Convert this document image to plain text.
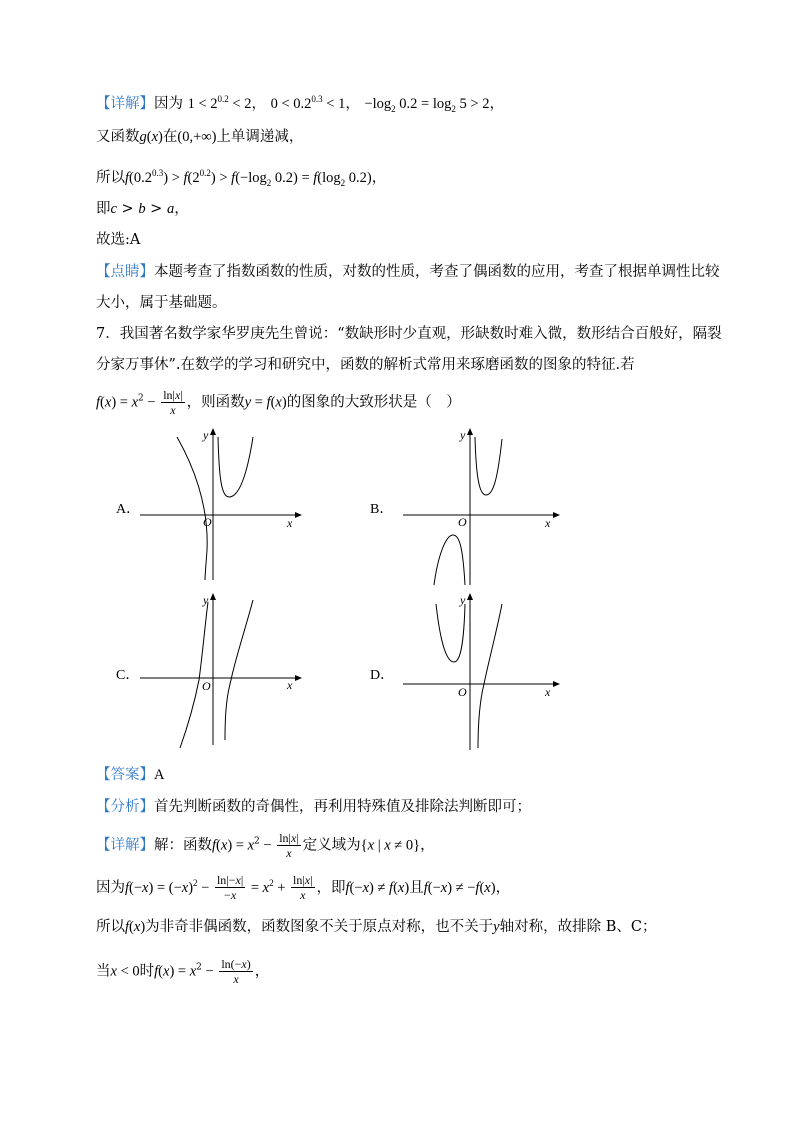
【详解】因为 $1 < 2^{0.2} < 2$， $0 < 0.2^{0.3} < 1$， $-\log_2$ $0.2 = \log_2 5 > 2$，
又函数g(x)在(0,+∞)上单调递减，
所以$f(0.2^{0.3}) > f(2^{0.2}) > f(-\log_2$ $0.2) = f(\log_2$ 0.2)，
即c > b > a，
故选:A
【点睛】本题考查了指数函数的性质，对数的性质，考查了偶函数的应用，考查了根据单调性比较
大小，属于基础题。
7．我国著名数学家华罗庚先生曾说：“数缺形时少直观，形缺数时难入微，数形结合百般好，隔裂
分家万事休”.在数学的学习和研究中，函数的解析式常用来琢磨函数的图象的特征.若
$f(x) = x^2 - \frac{\ln|x|}{x}$ ，则函数y = f(x)的图象的大致形状是（　）
A．	B．
C．	D．
x
y
O	x
y
O
x
y
O	x
y
O
【答案】A
【分析】首先判断函数的奇偶性，再利用特殊值及排除法判断即可；
【详解】解：函数$f(x) = x^2 - \frac{\ln|x|}{x}$ 定义域为{x | x ≠ 0}，
因为$f(-x) = (-x)^2 - \frac{\ln|-x|}{-x} = x^2 + \frac{\ln|x|}{x}$ ，即f(−x) ≠ f(x)且f(−x) ≠ −f(x)，
所以f(x)为非奇非偶函数，函数图象不关于原点对称，也不关于y轴对称，故排除 B、C；
当x < 0时$f(x) = x^2 - \frac{\ln(-x)}{x}$ ，
